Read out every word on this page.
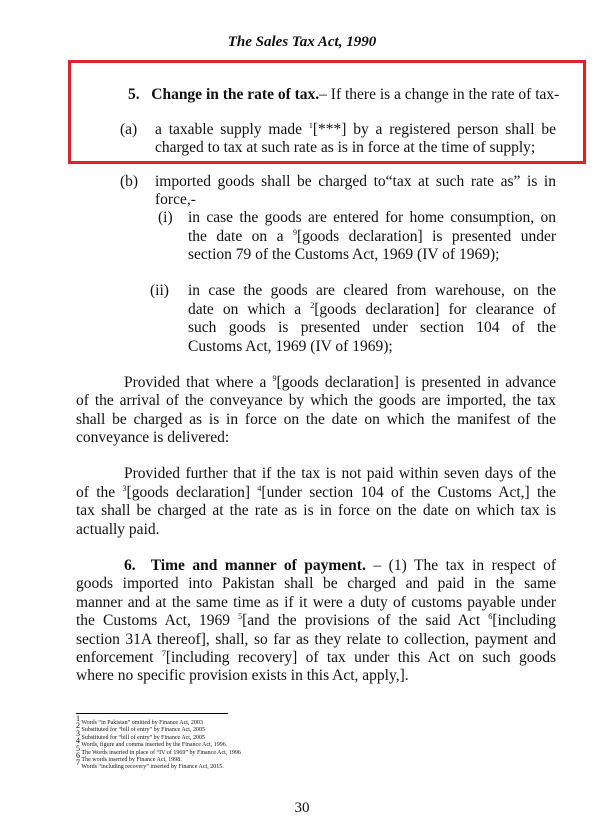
The Sales Tax Act, 1990
5. Change in the rate of tax.– If there is a change in the rate of tax-
(a) a taxable supply made $^1$[***] by a registered person shall be
charged to tax at such rate as is in force at the time of supply;
(b) imported goods shall be charged to“tax at such rate as” is in
force,-
(i) in case the goods are entered for home consumption, on
the date on a $^9$[goods declaration] is presented under
section 79 of the Customs Act, 1969 (IV of 1969);
(ii) in case the goods are cleared from warehouse, on the
date on which a $^2$[goods declaration] for clearance of
such goods is presented under section 104 of the
Customs Act, 1969 (IV of 1969);
Provided that where a $^9$[goods declaration] is presented in advance
of the arrival of the conveyance by which the goods are imported, the tax
shall be charged as is in force on the date on which the manifest of the
conveyance is delivered:
Provided further that if the tax is not paid within seven days of the
of the $^3$[goods declaration] $^4$[under section 104 of the Customs Act,] the
tax shall be charged at the rate as is in force on the date on which tax is
actually paid.
6. Time and manner of payment. – (1) The tax in respect of
goods imported into Pakistan shall be charged and paid in the same
manner and at the same time as if it were a duty of customs payable under
the Customs Act, 1969 $^5$[and the provisions of the said Act $^6$[including
section 31A thereof], shall, so far as they relate to collection, payment and
enforcement $^7$[including recovery] of tax under this Act on such goods
where no specific provision exists in this Act, apply,].
$^1$ Words “in Pakistan” omitted by Finance Act, 2003
$^2$ Substituted for “bill of entry” by Finance Act, 2005
$^3$ Substituted for “bill of entry” by Finance Act, 2005
$^4$ Words, figure and comma inserted by the Finance Act, 1996.
$^5$ The Words inserted in place of “IV of 1969” by Finance Act, 1996
$^6$ The words inserted by Finance Act, 1998.
$^7$ Words “including recovery” inserted by Finance Act, 2015.
30
